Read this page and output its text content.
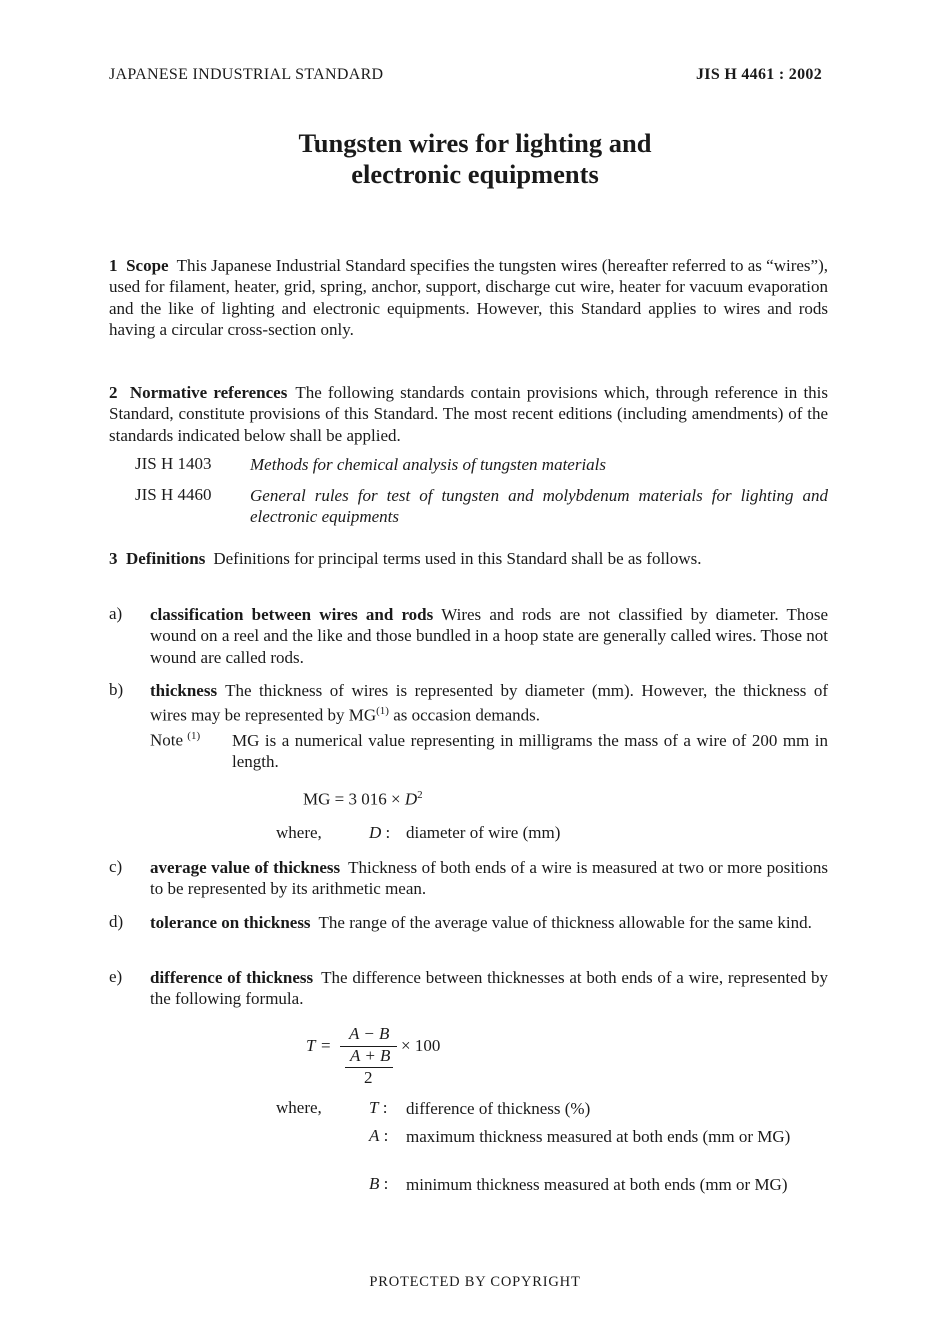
JAPANESE INDUSTRIAL STANDARD	JIS H 4461 : 2002
Tungsten wires for lighting and
electronic equipments
1 Scope This Japanese Industrial Standard specifies the tungsten wires (hereafter referred to as “wires”), used for filament, heater, grid, spring, anchor, support, discharge cut wire, heater for vacuum evaporation and the like of lighting and electronic equipments. However, this Standard applies to wires and rods having a circular cross-section only.
2 Normative references The following standards contain provisions which, through reference in this Standard, constitute provisions of this Standard. The most recent editions (including amendments) of the standards indicated below shall be applied.
JIS H 1403 Methods for chemical analysis of tungsten materials
JIS H 4460 General rules for test of tungsten and molybdenum materials for lighting and electronic equipments
3 Definitions Definitions for principal terms used in this Standard shall be as follows.
a) classification between wires and rods Wires and rods are not classified by diameter. Those wound on a reel and the like and those bundled in a hoop state are generally called wires. Those not wound are called rods.
b) thickness The thickness of wires is represented by diameter (mm). However, the thickness of wires may be represented by MG$^{(1)}$ as occasion demands.
Note $^{(1)}$ MG is a numerical value representing in milligrams the mass of a wire of 200 mm in length.
MG = 3 $016 \times D^2$
where,	D : diameter of wire (mm)
c) average value of thickness Thickness of both ends of a wire is measured at two or more positions to be represented by its arithmetic mean.
d) tolerance on thickness The range of the average value of thickness allowable for the same kind.
e) difference of thickness The difference between thicknesses at both ends of a wire, represented by the following formula.
T =
A − B
A + B
2
× 100
where,	T : difference of thickness (%)
A : maximum thickness measured at both ends (mm or MG)
B : minimum thickness measured at both ends (mm or MG)
PROTECTED BY COPYRIGHT
